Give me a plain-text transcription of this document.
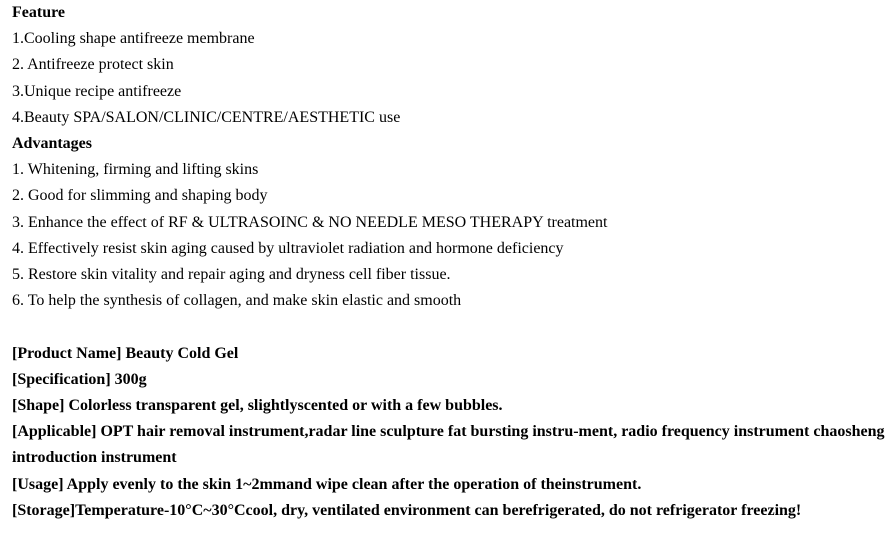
Feature
1.Cooling shape antifreeze membrane
2. Antifreeze protect skin
3.Unique recipe antifreeze
4.Beauty SPA/SALON/CLINIC/CENTRE/AESTHETIC use
Advantages
1. Whitening, firming and lifting skins
2. Good for slimming and shaping body
3. Enhance the effect of RF & ULTRASOINC & NO NEEDLE MESO THERAPY treatment
4. Effectively resist skin aging caused by ultraviolet radiation and hormone deficiency
5. Restore skin vitality and repair aging and dryness cell fiber tissue.
6. To help the synthesis of collagen, and make skin elastic and smooth
[Product Name] Beauty Cold Gel
[Specification] 300g
[Shape] Colorless transparent gel, slightlyscented or with a few bubbles.
[Applicable] OPT hair removal instrument,radar line sculpture fat bursting instru-ment, radio frequency instrument chaosheng introduction instrument
[Usage] Apply evenly to the skin 1~2mmand wipe clean after the operation of theinstrument.
[Storage]Temperature-10°C~30°Ccool, dry, ventilated environment can berefrigerated, do not refrigerator freezing!
